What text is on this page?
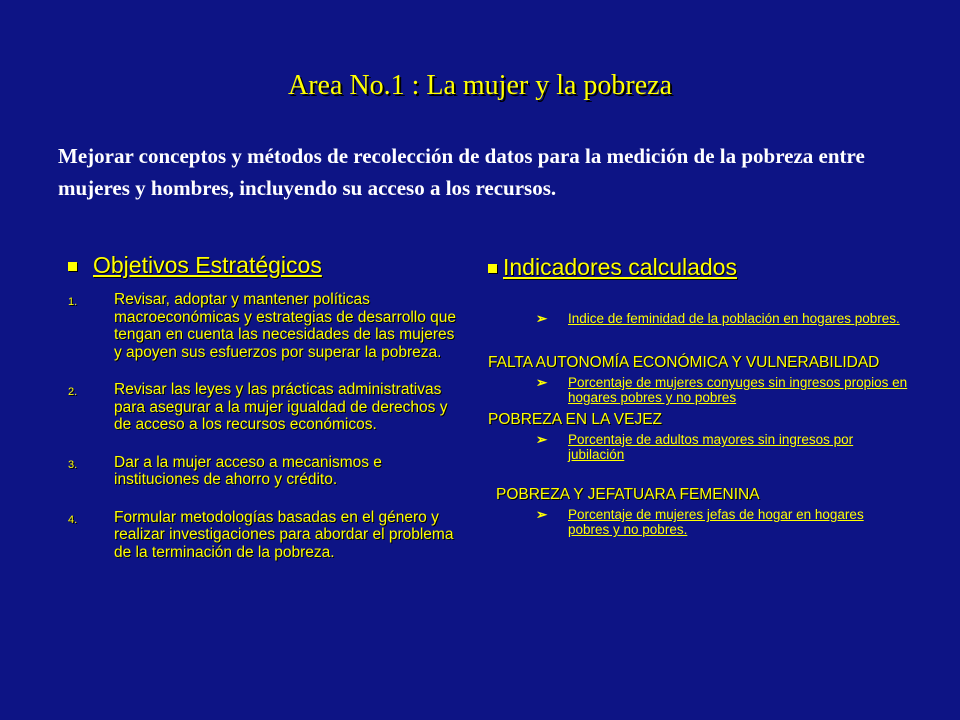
Area No.1 : La mujer y la pobreza
Mejorar conceptos y métodos de recolección de datos para la medición de la pobreza entre mujeres y hombres, incluyendo su acceso a los recursos.
Objetivos Estratégicos
1.	Revisar, adoptar y mantener políticas macroeconómicas y estrategias de desarrollo que tengan en cuenta las necesidades de las mujeres y apoyen sus esfuerzos por superar la pobreza.
2.	Revisar las leyes y las prácticas administrativas para asegurar a la mujer igualdad de derechos y de acceso a los recursos económicos.
3.	Dar a la mujer acceso a mecanismos e instituciones de ahorro y crédito.
4.	Formular metodologías basadas en el género y realizar investigaciones para abordar el problema de la terminación de la pobreza.
Indicadores calculados
➢	Indice de feminidad de la población en hogares pobres.
FALTA AUTONOMÍA ECONÓMICA Y VULNERABILIDAD
➢	Porcentaje de mujeres conyuges sin ingresos propios en hogares pobres y no pobres
POBREZA EN LA VEJEZ
➢	Porcentaje de adultos mayores sin ingresos por jubilación
POBREZA Y JEFATUARA FEMENINA
➢	Porcentaje de mujeres jefas de hogar en hogares pobres y no pobres.
